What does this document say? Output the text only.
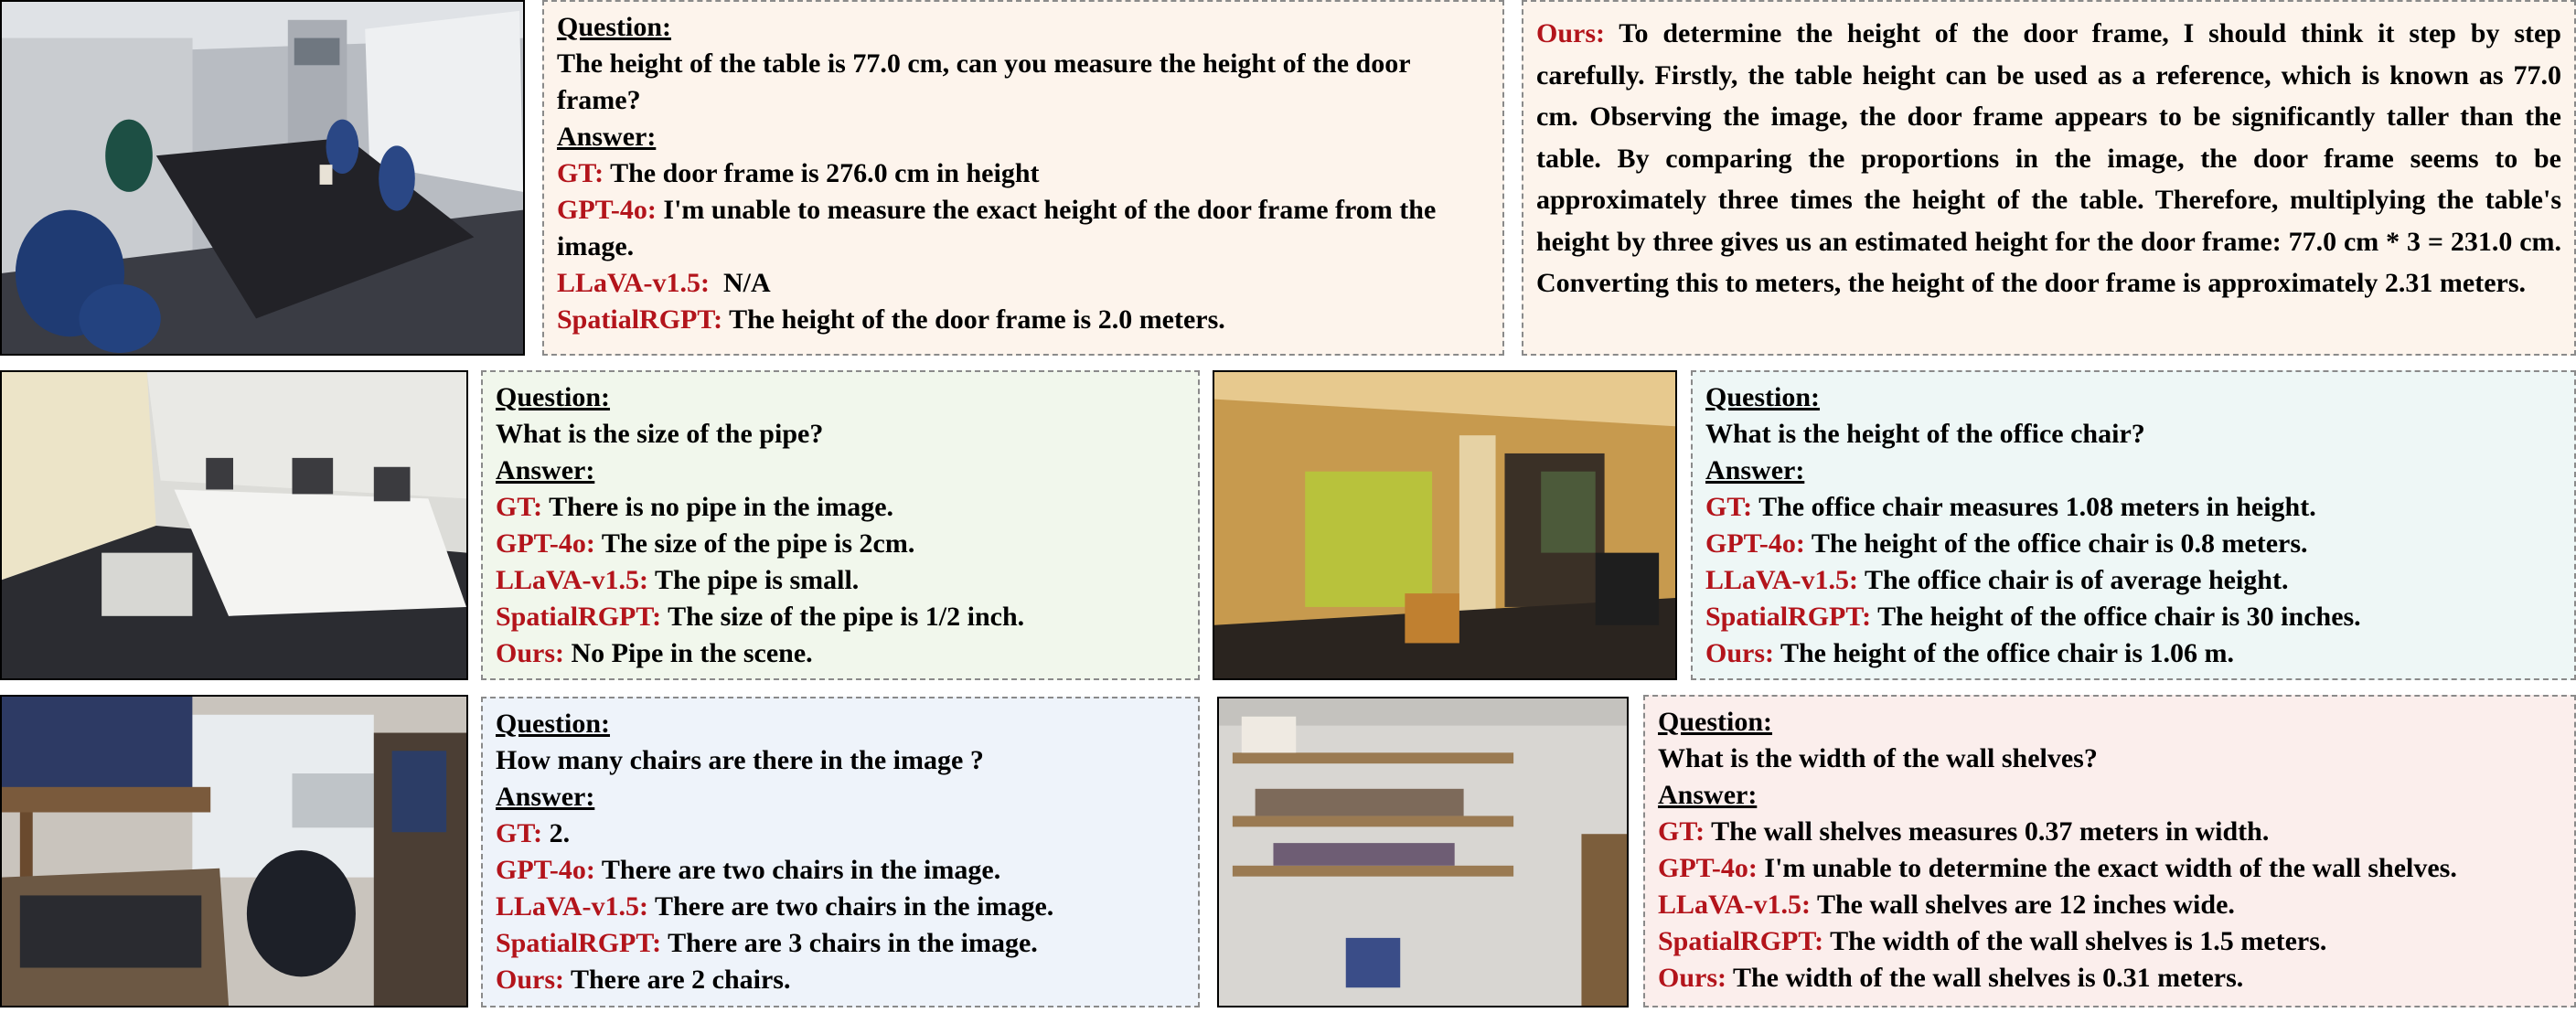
Question:
The height of the table is 77.0 cm, can you measure the height of the door frame?
Answer:
GT: The door frame is 276.0 cm in height
GPT-4o: I'm unable to measure the exact height of the door frame from the image.
LLaVA-v1.5: N/A
SpatialRGPT: The height of the door frame is 2.0 meters.
Ours: To determine the height of the door frame, I should think it step by step carefully. Firstly, the table height can be used as a reference, which is known as 77.0 cm. Observing the image, the door frame appears to be significantly taller than the table. By comparing the proportions in the image, the door frame seems to be approximately three times the height of the table. Therefore, multiplying the table's height by three gives us an estimated height for the door frame: 77.0 cm * 3 = 231.0 cm. Converting this to meters, the height of the door frame is approximately 2.31 meters.
Question:
What is the size of the pipe?
Answer:
GT: There is no pipe in the image.
GPT-4o: The size of the pipe is 2cm.
LLaVA-v1.5: The pipe is small.
SpatialRGPT: The size of the pipe is 1/2 inch.
Ours: No Pipe in the scene.
Question:
What is the height of the office chair?
Answer:
GT: The office chair measures 1.08 meters in height.
GPT-4o: The height of the office chair is 0.8 meters.
LLaVA-v1.5: The office chair is of average height.
SpatialRGPT: The height of the office chair is 30 inches.
Ours: The height of the office chair is 1.06 m.
Question:
How many chairs are there in the image ?
Answer:
GT: 2.
GPT-4o: There are two chairs in the image.
LLaVA-v1.5: There are two chairs in the image.
SpatialRGPT: There are 3 chairs in the image.
Ours: There are 2 chairs.
Question:
What is the width of the wall shelves?
Answer:
GT: The wall shelves measures 0.37 meters in width.
GPT-4o: I'm unable to determine the exact width of the wall shelves.
LLaVA-v1.5: The wall shelves are 12 inches wide.
SpatialRGPT: The width of the wall shelves is 1.5 meters.
Ours: The width of the wall shelves is 0.31 meters.
